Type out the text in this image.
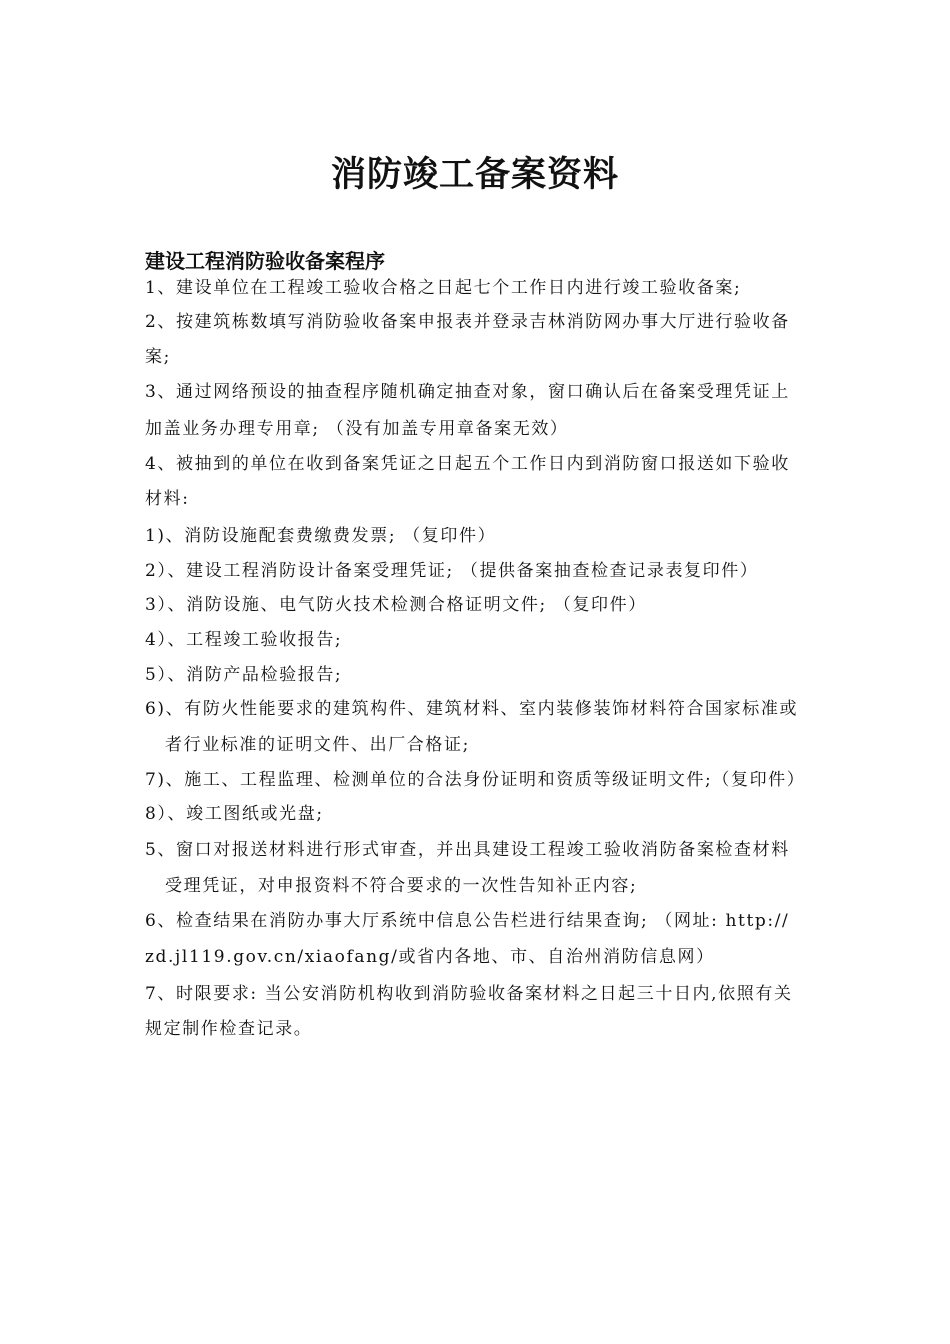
消防竣工备案资料
建设工程消防验收备案程序

1、建设单位在工程竣工验收合格之日起七个工作日内进行竣工验收备案;

2、按建筑栋数填写消防验收备案申报表并登录吉林消防网办事大厅进行验收备

案;

3、通过网络预设的抽查程序随机确定抽查对象，窗口确认后在备案受理凭证上

加盖业务办理专用章; （没有加盖专用章备案无效）

4、被抽到的单位在收到备案凭证之日起五个工作日内到消防窗口报送如下验收

材料:

1)、消防设施配套费缴费发票; （复印件）

2）、建设工程消防设计备案受理凭证; （提供备案抽查检查记录表复印件）

3）、消防设施、电气防火技术检测合格证明文件; （复印件）

4）、工程竣工验收报告;

5）、消防产品检验报告;

6)、有防火性能要求的建筑构件、建筑材料、室内装修装饰材料符合国家标准或

者行业标准的证明文件、出厂合格证;

7)、施工、工程监理、检测单位的合法身份证明和资质等级证明文件;（复印件）

8）、竣工图纸或光盘;

5、窗口对报送材料进行形式审查，并出具建设工程竣工验收消防备案检查材料

受理凭证，对申报资料不符合要求的一次性告知补正内容;

6、检查结果在消防办事大厅系统中信息公告栏进行结果查询; （网址: http://

zd.jl119.gov.cn/xiaofang/或省内各地、市、自治州消防信息网）

7、时限要求: 当公安消防机构收到消防验收备案材料之日起三十日内,依照有关

规定制作检查记录。
